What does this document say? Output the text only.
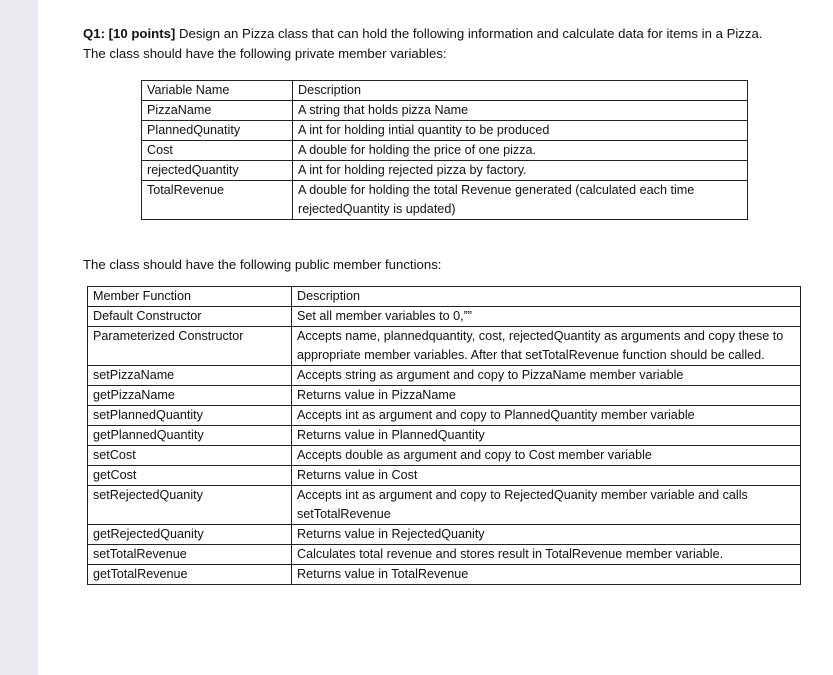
Q1: [10 points] Design an Pizza class that can hold the following information and calculate data for items in a Pizza. The class should have the following private member variables:
Variable Name	Description
PizzaName	A string that holds pizza Name
PlannedQunatity	A int for holding intial quantity to be produced
Cost	A double for holding the price of one pizza.
rejectedQuantity	A int for holding rejected pizza by factory.
TotalRevenue	A double for holding the total Revenue generated (calculated each time rejectedQuantity is updated)
The class should have the following public member functions:
Member Function	Description
Default Constructor	Set all member variables to 0,””
Parameterized Constructor	Accepts name, plannedquantity, cost, rejectedQuantity as arguments and copy these to appropriate member variables. After that setTotalRevenue function should be called.
setPizzaName	Accepts string as argument and copy to PizzaName member variable
getPizzaName	Returns value in PizzaName
setPlannedQuantity	Accepts int as argument and copy to PlannedQuantity member variable
getPlannedQuantity	Returns value in PlannedQuantity
setCost	Accepts double as argument and copy to Cost member variable
getCost	Returns value in Cost
setRejectedQuanity	Accepts int as argument and copy to RejectedQuanity member variable and calls setTotalRevenue
getRejectedQuanity	Returns value in RejectedQuanity
setTotalRevenue	Calculates total revenue and stores result in TotalRevenue member variable.
getTotalRevenue	Returns value in TotalRevenue
